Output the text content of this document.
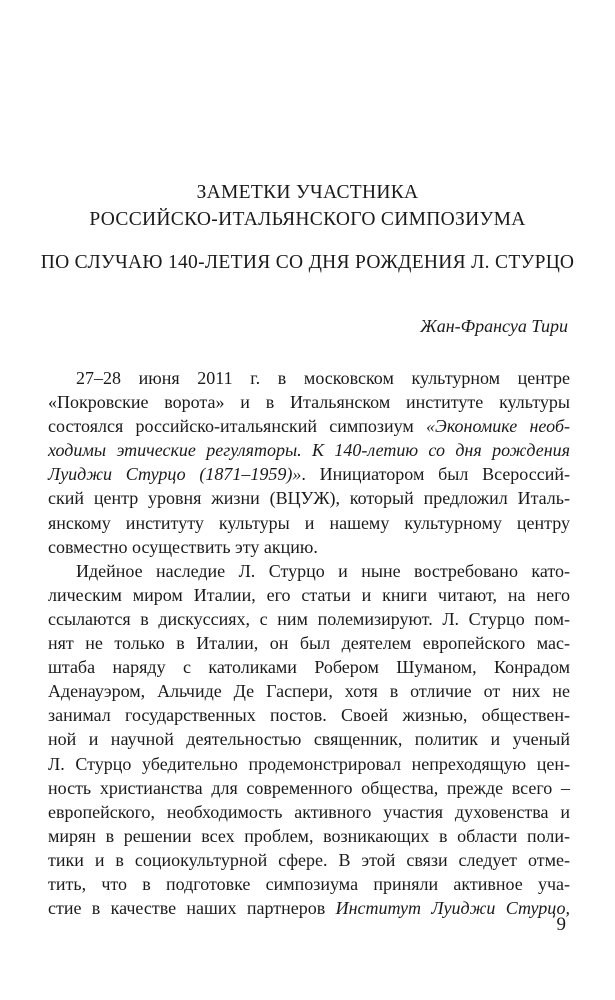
ЗАМЕТКИ УЧАСТНИКА
РОССИЙСКО-ИТАЛЬЯНСКОГО СИМПОЗИУМА
ПО СЛУЧАЮ 140-ЛЕТИЯ СО ДНЯ РОЖДЕНИЯ Л. СТУРЦО
Жан-Франсуа Тири
27–28 июня 2011 г. в московском культурном центре
«Покровские ворота» и в Итальянском институте культуры
состоялся российско-итальянский симпозиум «Экономике необ-
ходимы этические регуляторы. К 140-летию со дня рождения
Луиджи Стурцо (1871–1959)». Инициатором был Всероссий-
ский центр уровня жизни (ВЦУЖ), который предложил Италь-
янскому институту культуры и нашему культурному центру
совместно осуществить эту акцию.
Идейное наследие Л. Стурцо и ныне востребовано като-
лическим миром Италии, его статьи и книги читают, на него
ссылаются в дискуссиях, с ним полемизируют. Л. Стурцо пом-
нят не только в Италии, он был деятелем европейского мас-
штаба наряду с католиками Робером Шуманом, Конрадом
Аденауэром, Альчиде Де Гаспери, хотя в отличие от них не
занимал государственных постов. Своей жизнью, обществен-
ной и научной деятельностью священник, политик и ученый
Л. Стурцо убедительно продемонстрировал непреходящую цен-
ность христианства для современного общества, прежде всего –
европейского, необходимость активного участия духовенства и
мирян в решении всех проблем, возникающих в области поли-
тики и в социокультурной сфере. В этой связи следует отме-
тить, что в подготовке симпозиума приняли активное уча-
стие в качестве наших партнеров Институт Луиджи Стурцо,
9
